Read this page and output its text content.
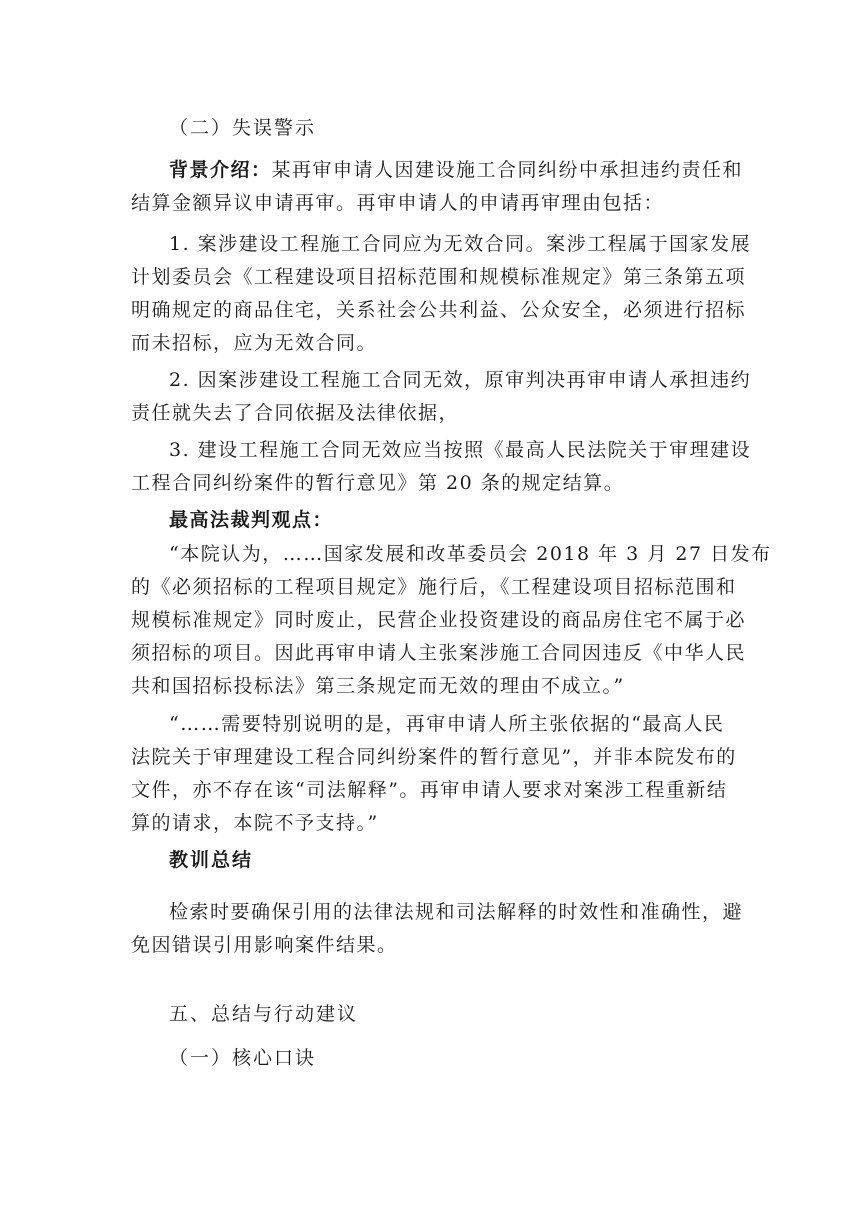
（二）失误警示
背景介绍：某再审申请人因建设施工合同纠纷中承担违约责任和
结算金额异议申请再审。再审申请人的申请再审理由包括：
1. 案涉建设工程施工合同应为无效合同。案涉工程属于国家发展
计划委员会《工程建设项目招标范围和规模标准规定》第三条第五项
明确规定的商品住宅，关系社会公共利益、公众安全，必须进行招标
而未招标，应为无效合同。
2. 因案涉建设工程施工合同无效，原审判决再审申请人承担违约
责任就失去了合同依据及法律依据，
3. 建设工程施工合同无效应当按照《最高人民法院关于审理建设
工程合同纠纷案件的暂行意见》第 20 条的规定结算。
最高法裁判观点：
“本院认为，……国家发展和改革委员会 2018 年 3 月 27 日发布
的《必须招标的工程项目规定》施行后，《工程建设项目招标范围和
规模标准规定》同时废止，民营企业投资建设的商品房住宅不属于必
须招标的项目。因此再审申请人主张案涉施工合同因违反《中华人民
共和国招标投标法》第三条规定而无效的理由不成立。”
“……需要特别说明的是，再审申请人所主张依据的“最高人民
法院关于审理建设工程合同纠纷案件的暂行意见”，并非本院发布的
文件，亦不存在该“司法解释”。再审申请人要求对案涉工程重新结
算的请求，本院不予支持。”
教训总结
检索时要确保引用的法律法规和司法解释的时效性和准确性，避
免因错误引用影响案件结果。
五、总结与行动建议
（一）核心口诀
